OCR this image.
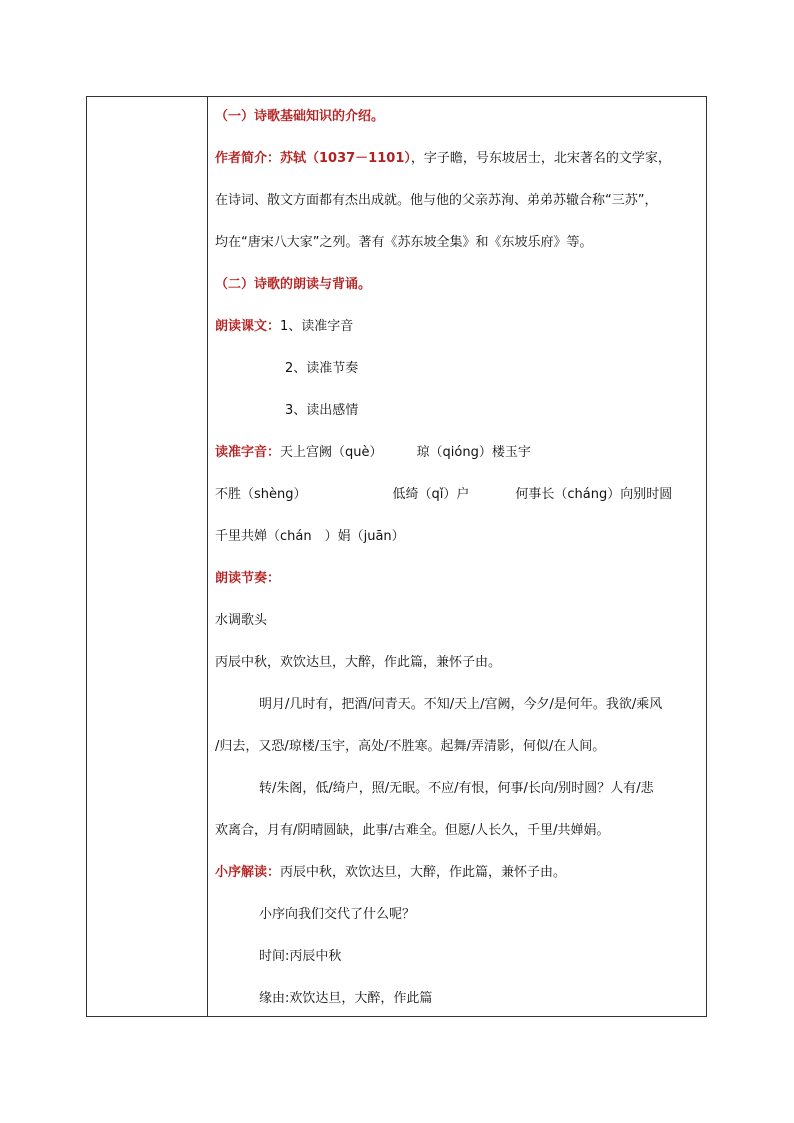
（一）诗歌基础知识的介绍。
作者简介：苏轼（1037－1101），字子瞻，号东坡居士，北宋著名的文学家，
在诗词、散文方面都有杰出成就。他与他的父亲苏洵、弟弟苏辙合称“三苏”，
均在“唐宋八大家”之列。著有《苏东坡全集》和《东坡乐府》等。
（二）诗歌的朗读与背诵。
朗读课文：1、读准字音
2、读准节奏
3、读出感情
读准字音：天上宫阙（què）	琼（qióng）楼玉宇
不胜（shèng）	低绮（qǐ）户	何事长（cháng）向别时圆
千里共婵（chán　）娟（juān）
朗读节奏：
水调歌头
丙辰中秋，欢饮达旦，大醉，作此篇，兼怀子由。
明月/几时有，把酒/问青天。不知/天上/宫阙，今夕/是何年。我欲/乘风
/归去，又恐/琼楼/玉宇，高处/不胜寒。起舞/弄清影，何似/在人间。
转/朱阁，低/绮户，照/无眠。不应/有恨，何事/长向/别时圆？人有/悲
欢离合，月有/阴晴圆缺，此事/古难全。但愿/人长久，千里/共婵娟。
小序解读：丙辰中秋，欢饮达旦，大醉，作此篇，兼怀子由。
小序向我们交代了什么呢？
时间:丙辰中秋
缘由:欢饮达旦，大醉，作此篇
